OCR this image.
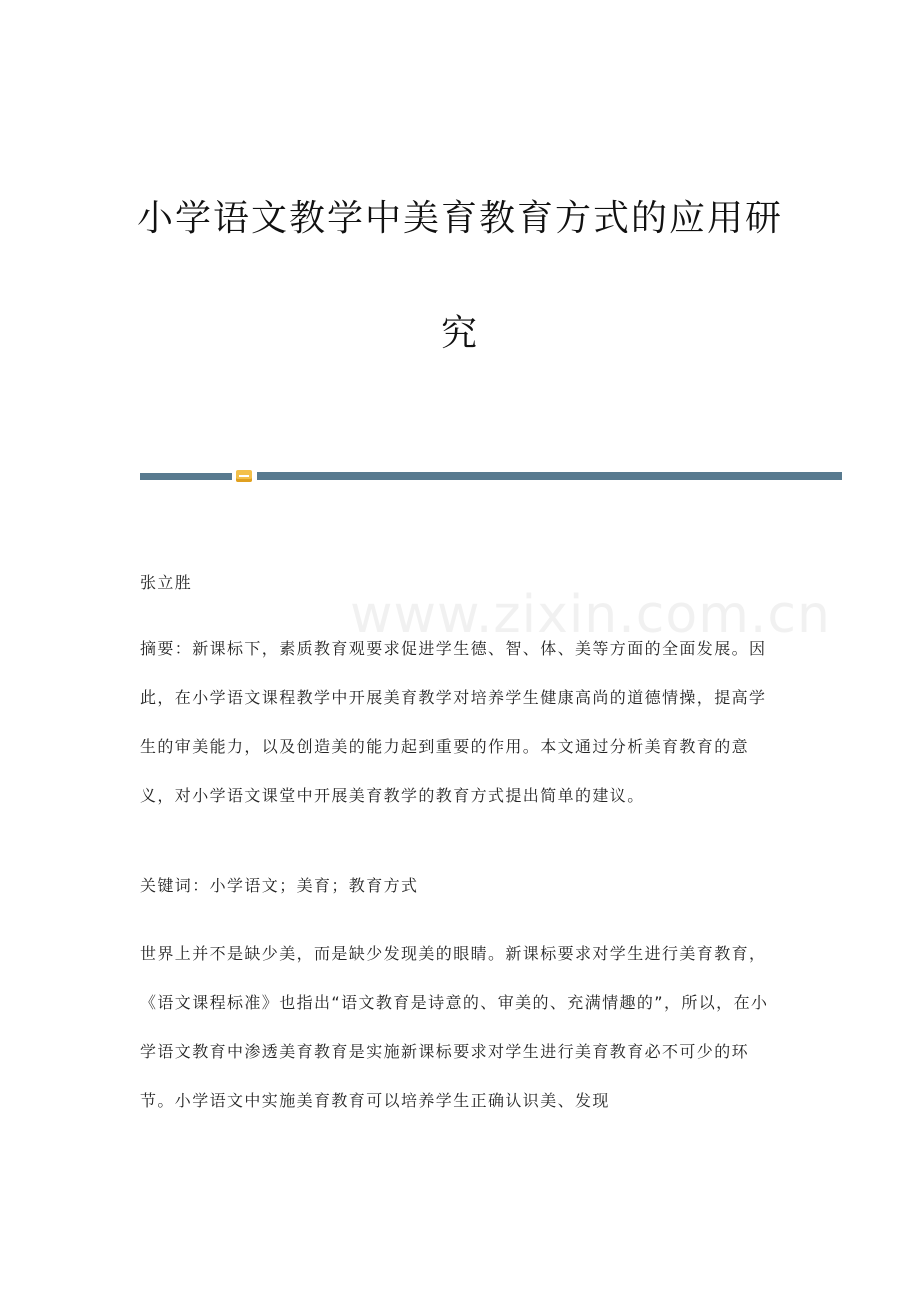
小学语文教学中美育教育方式的应用研
究
www.zixin.com.cn
张立胜
摘要：新课标下，素质教育观要求促进学生德、智、体、美等方面的全面发展。因此，在小学语文课程教学中开展美育教学对培养学生健康高尚的道德情操，提高学生的审美能力，以及创造美的能力起到重要的作用。本文通过分析美育教育的意义，对小学语文课堂中开展美育教学的教育方式提出简单的建议。
关键词：小学语文；美育；教育方式
世界上并不是缺少美，而是缺少发现美的眼睛。新课标要求对学生进行美育教育，《语文课程标准》也指出“语文教育是诗意的、审美的、充满情趣的”，所以，在小学语文教育中渗透美育教育是实施新课标要求对学生进行美育教育必不可少的环节。小学语文中实施美育教育可以培养学生正确认识美、发现
